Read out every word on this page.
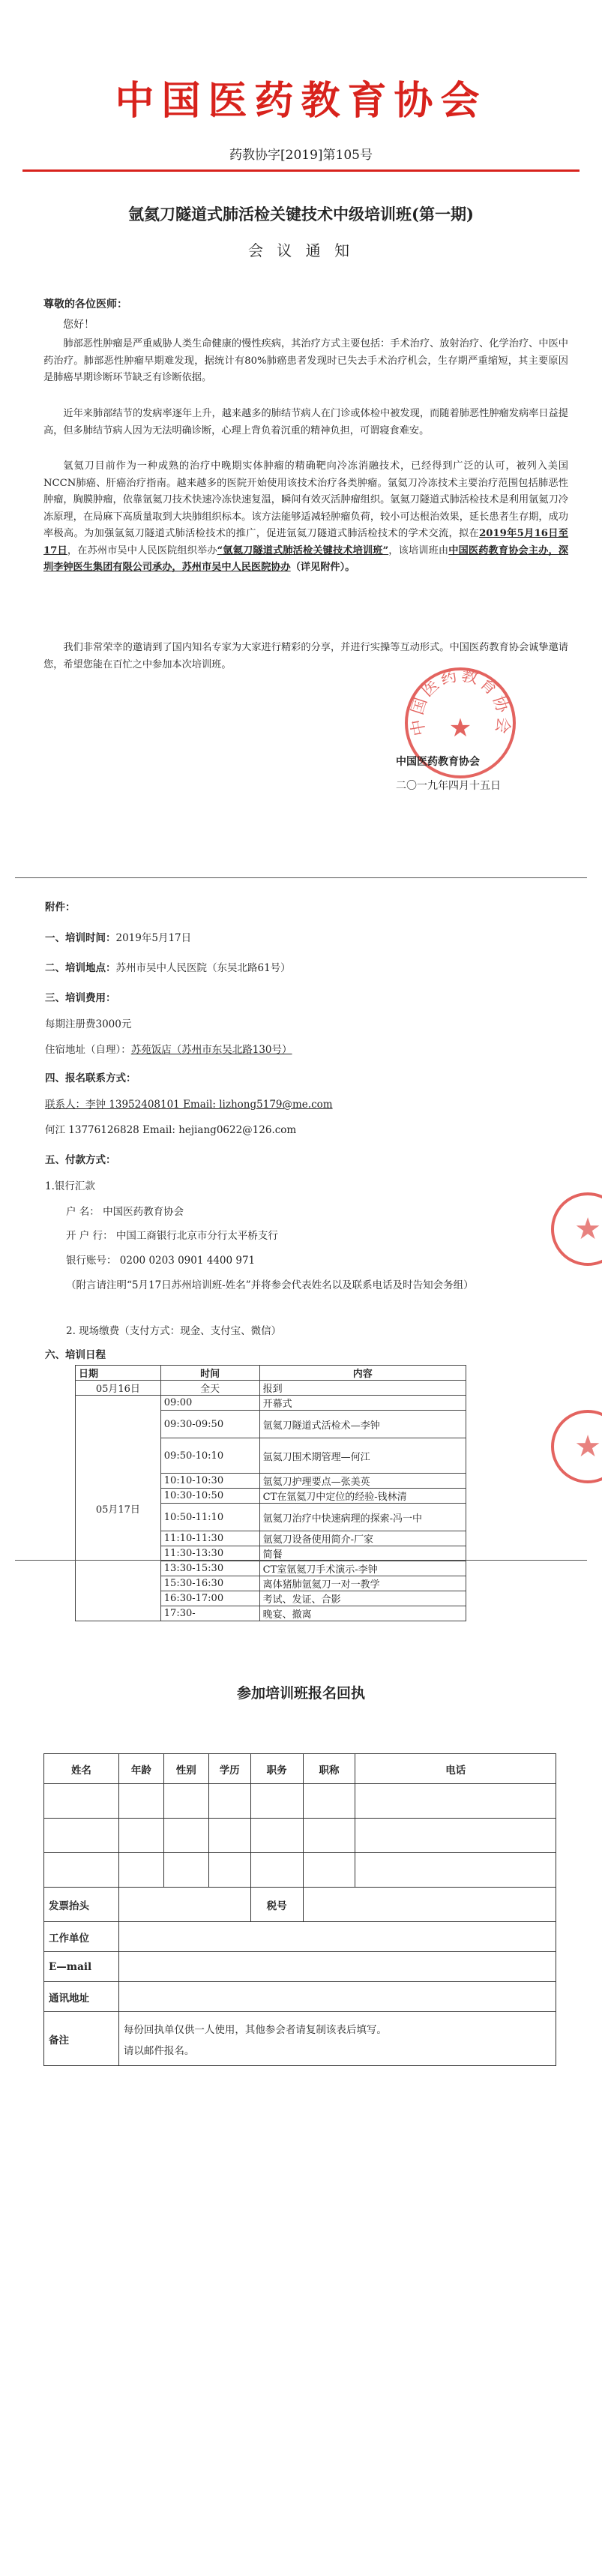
中国医药教育协会
药教协字[2019]第105号
氩氦刀隧道式肺活检关键技术中级培训班(第一期)
会 议 通 知
尊敬的各位医师：
您好！

肺部恶性肿瘤是严重威胁人类生命健康的慢性疾病，其治疗方式主要包括：手术治疗、放射治疗、化学治疗、中医中药治疗。肺部恶性肿瘤早期难发现，据统计有80%肺癌患者发现时已失去手术治疗机会，生存期严重缩短，其主要原因是肺癌早期诊断环节缺乏有诊断依据。

近年来肺部结节的发病率逐年上升，越来越多的肺结节病人在门诊或体检中被发现，而随着肺恶性肿瘤发病率日益提高，但多肺结节病人因为无法明确诊断，心理上背负着沉重的精神负担，可谓寝食难安。

氩氦刀目前作为一种成熟的治疗中晚期实体肿瘤的精确靶向冷冻消融技术，已经得到广泛的认可，被列入美国NCCN肺癌、肝癌治疗指南。越来越多的医院开始使用该技术治疗各类肿瘤。氩氦刀冷冻技术主要治疗范围包括肺恶性肿瘤，胸膜肿瘤，依靠氩氦刀技术快速冷冻快速复温，瞬间有效灭活肿瘤组织。氩氦刀隧道式肺活检技术是利用氩氦刀冷冻原理，在局麻下高质量取到大块肺组织标本。该方法能够适减轻肿瘤负荷，较小可达根治效果，延长患者生存期，成功率极高。为加强氩氦刀隧道式肺活检技术的推广，促进氩氦刀隧道式肺活检技术的学术交流，拟在2019年5月16日至17日，在苏州市吴中人民医院组织举办“氩氦刀隧道式肺活检关键技术培训班”，该培训班由中国医药教育协会主办，深圳李钟医生集团有限公司承办，苏州市吴中人民医院协办（详见附件）。

我们非常荣幸的邀请到了国内知名专家为大家进行精彩的分享，并进行实操等互动形式。中国医药教育协会诚挚邀请您，希望您能在百忙之中参加本次培训班。

中国医药教育协会
★
中国医药教育协会
二〇一九年四月十五日
附件：
一、培训时间：2019年5月17日
二、培训地点：苏州市吴中人民医院（东吴北路61号）
三、培训费用：
每期注册费3000元
住宿地址（自理）：苏苑饭店（苏州市东吴北路130号）
四、报名联系方式：
联系人：李钟 13952408101 Email: lizhong5179@me.com
何江 13776126828 Email: hejiang0622@126.com
五、付款方式：
1.银行汇款
户 名： 中国医药教育协会
开 户 行： 中国工商银行北京市分行太平桥支行
银行账号： 0200 0203 0901 4400 971
（附言请注明“5月17日苏州培训班-姓名”并将参会代表姓名以及联系电话及时告知会务组）
2. 现场缴费（支付方式：现金、支付宝、微信）
六、培训日程
★
★
日期	时间	内容
05月16日	全天	报到
05月17日	09:00	开幕式
	09:30-09:50	氩氦刀隧道式活检术—李钟
	09:50-10:10	氩氦刀围术期管理—何江
	10:10-10:30	氩氦刀护理要点—张美英
	10:30-10:50	CT在氩氦刀中定位的经验-钱林清
	10:50-11:10	氩氦刀治疗中快速病理的探索-冯一中
	11:10-11:30	氩氦刀设备使用简介-厂家
	11:30-13:30	简餐
	13:30-15:30	CT室氩氦刀手术演示-李钟
	15:30-16:30	离体猪肺氩氦刀一对一教学
	16:30-17:00	考试、发证、合影
	17:30-	晚宴、撤离
参加培训班报名回执
姓名	年龄	性别	学历	职务	职称	电话

发票抬头				税号		
工作单位						
E—mail						
通讯地址						
备注	每份回执单仅供一人使用，其他参会者请复制该表后填写。
请以邮件报名。					
